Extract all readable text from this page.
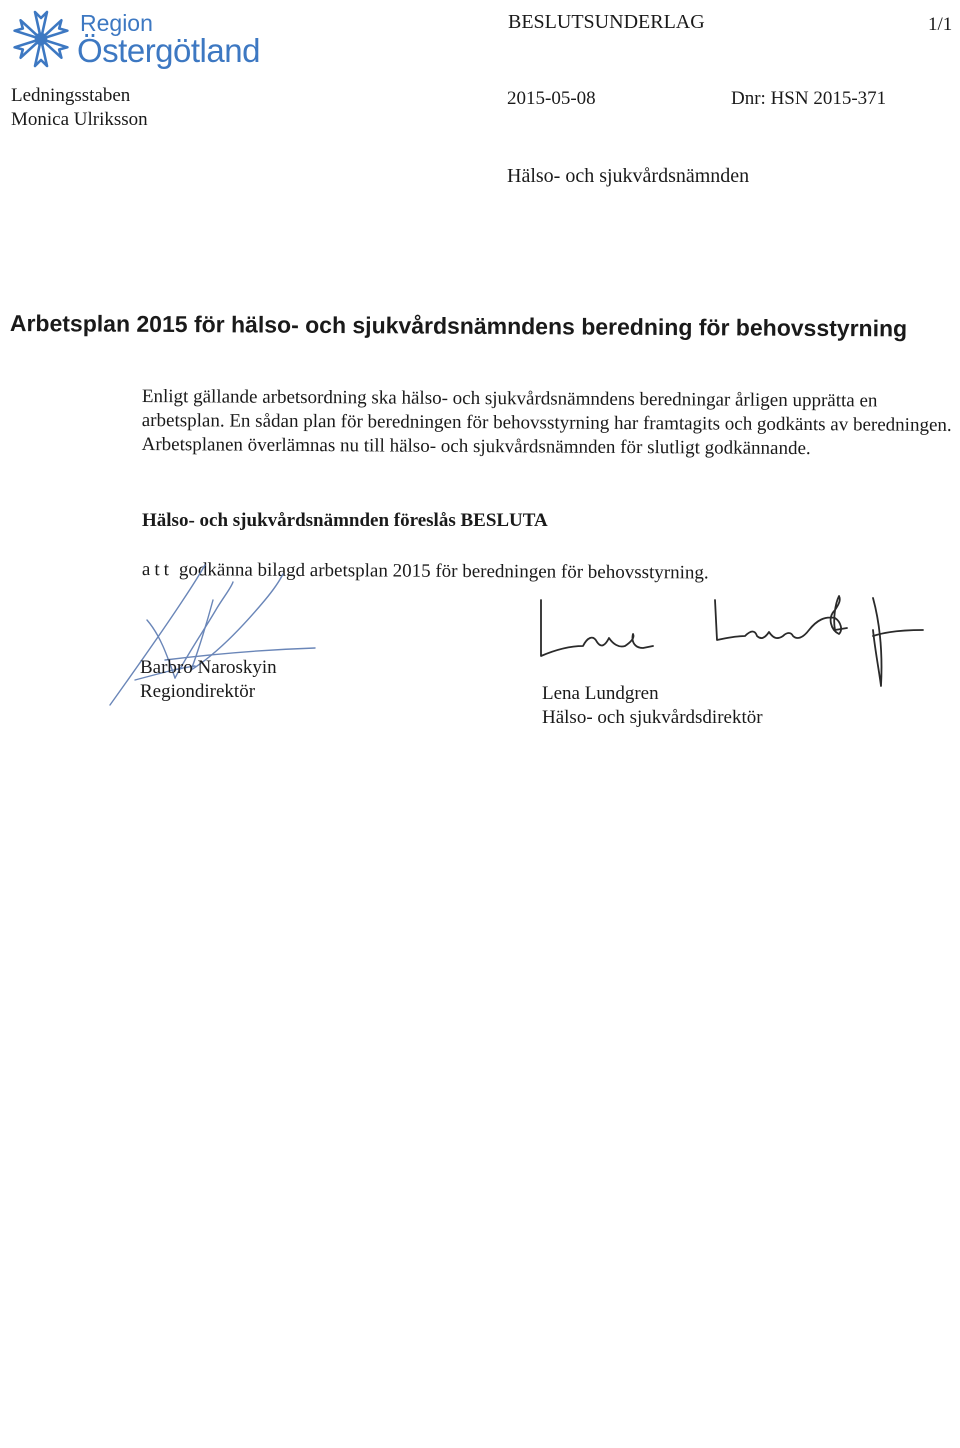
Region
Östergötland
Ledningsstaben
Monica Ulriksson
BESLUTSUNDERLAG	1/1
2015-05-08	Dnr: HSN 2015-371
Hälso- och sjukvårdsnämnden
Arbetsplan 2015 för hälso- och sjukvårdsnämndens beredning för behovsstyrning
Enligt gällande arbetsordning ska hälso- och sjukvårdsnämndens beredningar årligen upprätta en arbetsplan. En sådan plan för beredningen för behovsstyrning har framtagits och godkänts av beredningen. Arbetsplanen överlämnas nu till hälso- och sjukvårdsnämnden för slutligt godkännande.
Hälso- och sjukvårdsnämnden föreslås BESLUTA
att godkänna bilagd arbetsplan 2015 för beredningen för behovsstyrning.
Barbro Naroskyin
Regiondirektör	Lena Lundgren
Hälso- och sjukvårdsdirektör
